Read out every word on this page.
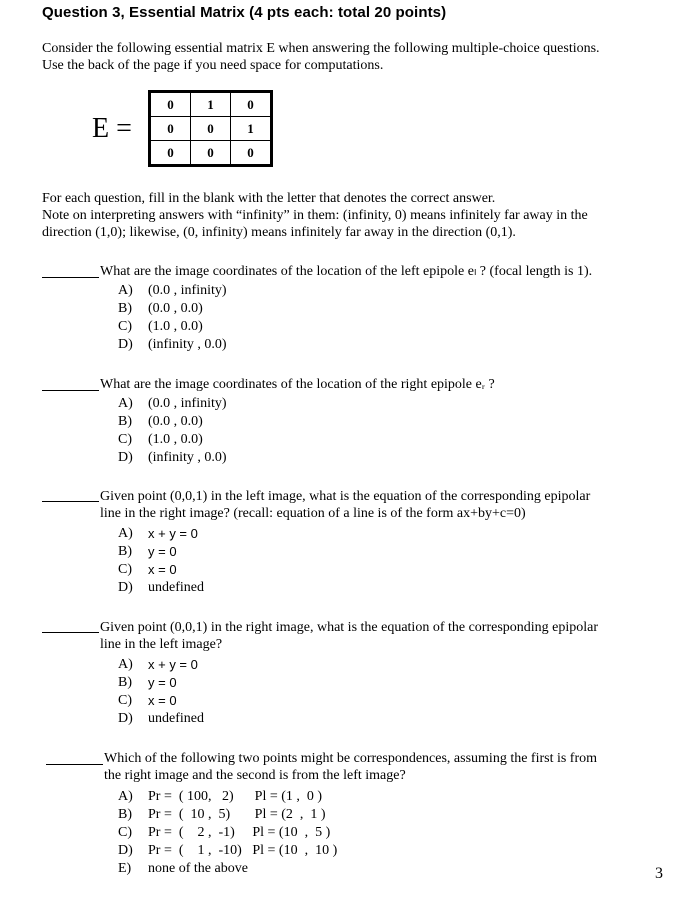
Question 3, Essential Matrix (4 pts each: total 20 points)
Consider the following essential matrix E when answering the following multiple-choice questions.
Use the back of the page if you need space for computations.
E =
0	1	0
0	0	1
0	0	0
For each question, fill in the blank with the letter that denotes the correct answer.
Note on interpreting answers with “infinity” in them: (infinity, 0) means infinitely far away in the
direction (1,0); likewise, (0, infinity) means infinitely far away in the direction (0,1).
What are the image coordinates of the location of the left epipole eₗ ? (focal length is 1).
A)	(0.0 , infinity)
B)	(0.0 , 0.0)
C)	(1.0 , 0.0)
D)	(infinity , 0.0)
What are the image coordinates of the location of the right epipole eᵣ ?
A)	(0.0 , infinity)
B)	(0.0 , 0.0)
C)	(1.0 , 0.0)
D)	(infinity , 0.0)
Given point (0,0,1) in the left image, what is the equation of the corresponding epipolar
line in the right image? (recall: equation of a line is of the form ax+by+c=0)
A)	x + y = 0
B)	y = 0
C)	x = 0
D)	undefined
Given point (0,0,1) in the right image, what is the equation of the corresponding epipolar
line in the left image?
A)	x + y = 0
B)	y = 0
C)	x = 0
D)	undefined
Which of the following two points might be correspondences, assuming the first is from
the right image and the second is from the left image?
A)	Pr =  ( 100,   2)      Pl = (1 ,  0 )
B)	Pr =  (  10 ,  5)       Pl = (2  ,  1 )
C)	Pr =  (    2 ,  -1)     Pl = (10  ,  5 )
D)	Pr =  (    1 ,  -10)   Pl = (10  ,  10 )
E)	none of the above	3
